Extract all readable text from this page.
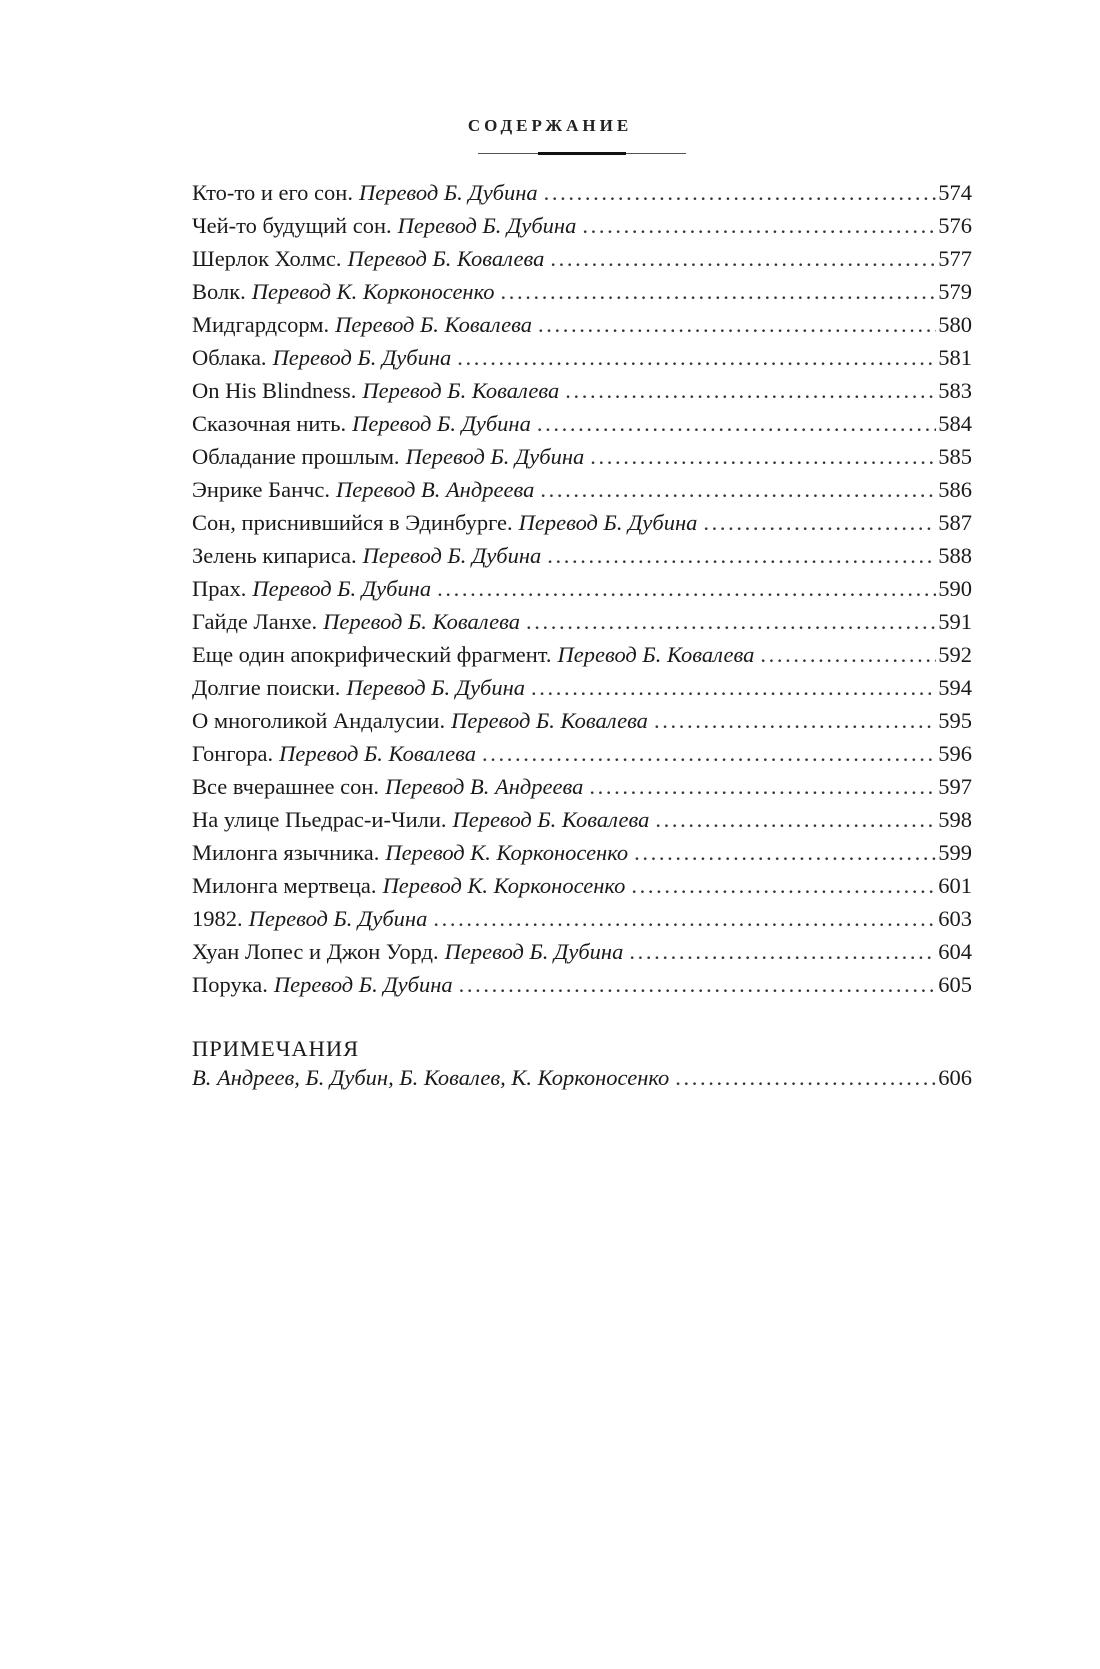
СОДЕРЖАНИЕ
Кто-то и его сон. Перевод Б. Дубина . . .	574
Чей-то будущий сон. Перевод Б. Дубина . . .	576
Шерлок Холмс. Перевод Б. Ковалева . . .	577
Волк. Перевод К. Корконосенко . . .	579
Мидгардсорм. Перевод Б. Ковалева . . .	580
Облака. Перевод Б. Дубина . . .	581
On His Blindness. Перевод Б. Ковалева . . .	583
Сказочная нить. Перевод Б. Дубина . . .	584
Обладание прошлым. Перевод Б. Дубина . . .	585
Энрике Банчс. Перевод В. Андреева . . .	586
Сон, приснившийся в Эдинбурге. Перевод Б. Дубина . . .	587
Зелень кипариса. Перевод Б. Дубина . . .	588
Прах. Перевод Б. Дубина . . .	590
Гайде Ланхе. Перевод Б. Ковалева . . .	591
Еще один апокрифический фрагмент. Перевод Б. Ковалева . . .	592
Долгие поиски. Перевод Б. Дубина . . .	594
О многоликой Андалусии. Перевод Б. Ковалева . . .	595
Гонгора. Перевод Б. Ковалева . . .	596
Все вчерашнее сон. Перевод В. Андреева . . .	597
На улице Пьедрас-и-Чили. Перевод Б. Ковалева . . .	598
Милонга язычника. Перевод К. Корконосенко . . .	599
Милонга мертвеца. Перевод К. Корконосенко . . .	601
1982. Перевод Б. Дубина . . .	603
Хуан Лопес и Джон Уорд. Перевод Б. Дубина . . .	604
Порука. Перевод Б. Дубина . . .	605
ПРИМЕЧАНИЯ
В. Андреев, Б. Дубин, Б. Ковалев, К. Корконосенко . . .	606
